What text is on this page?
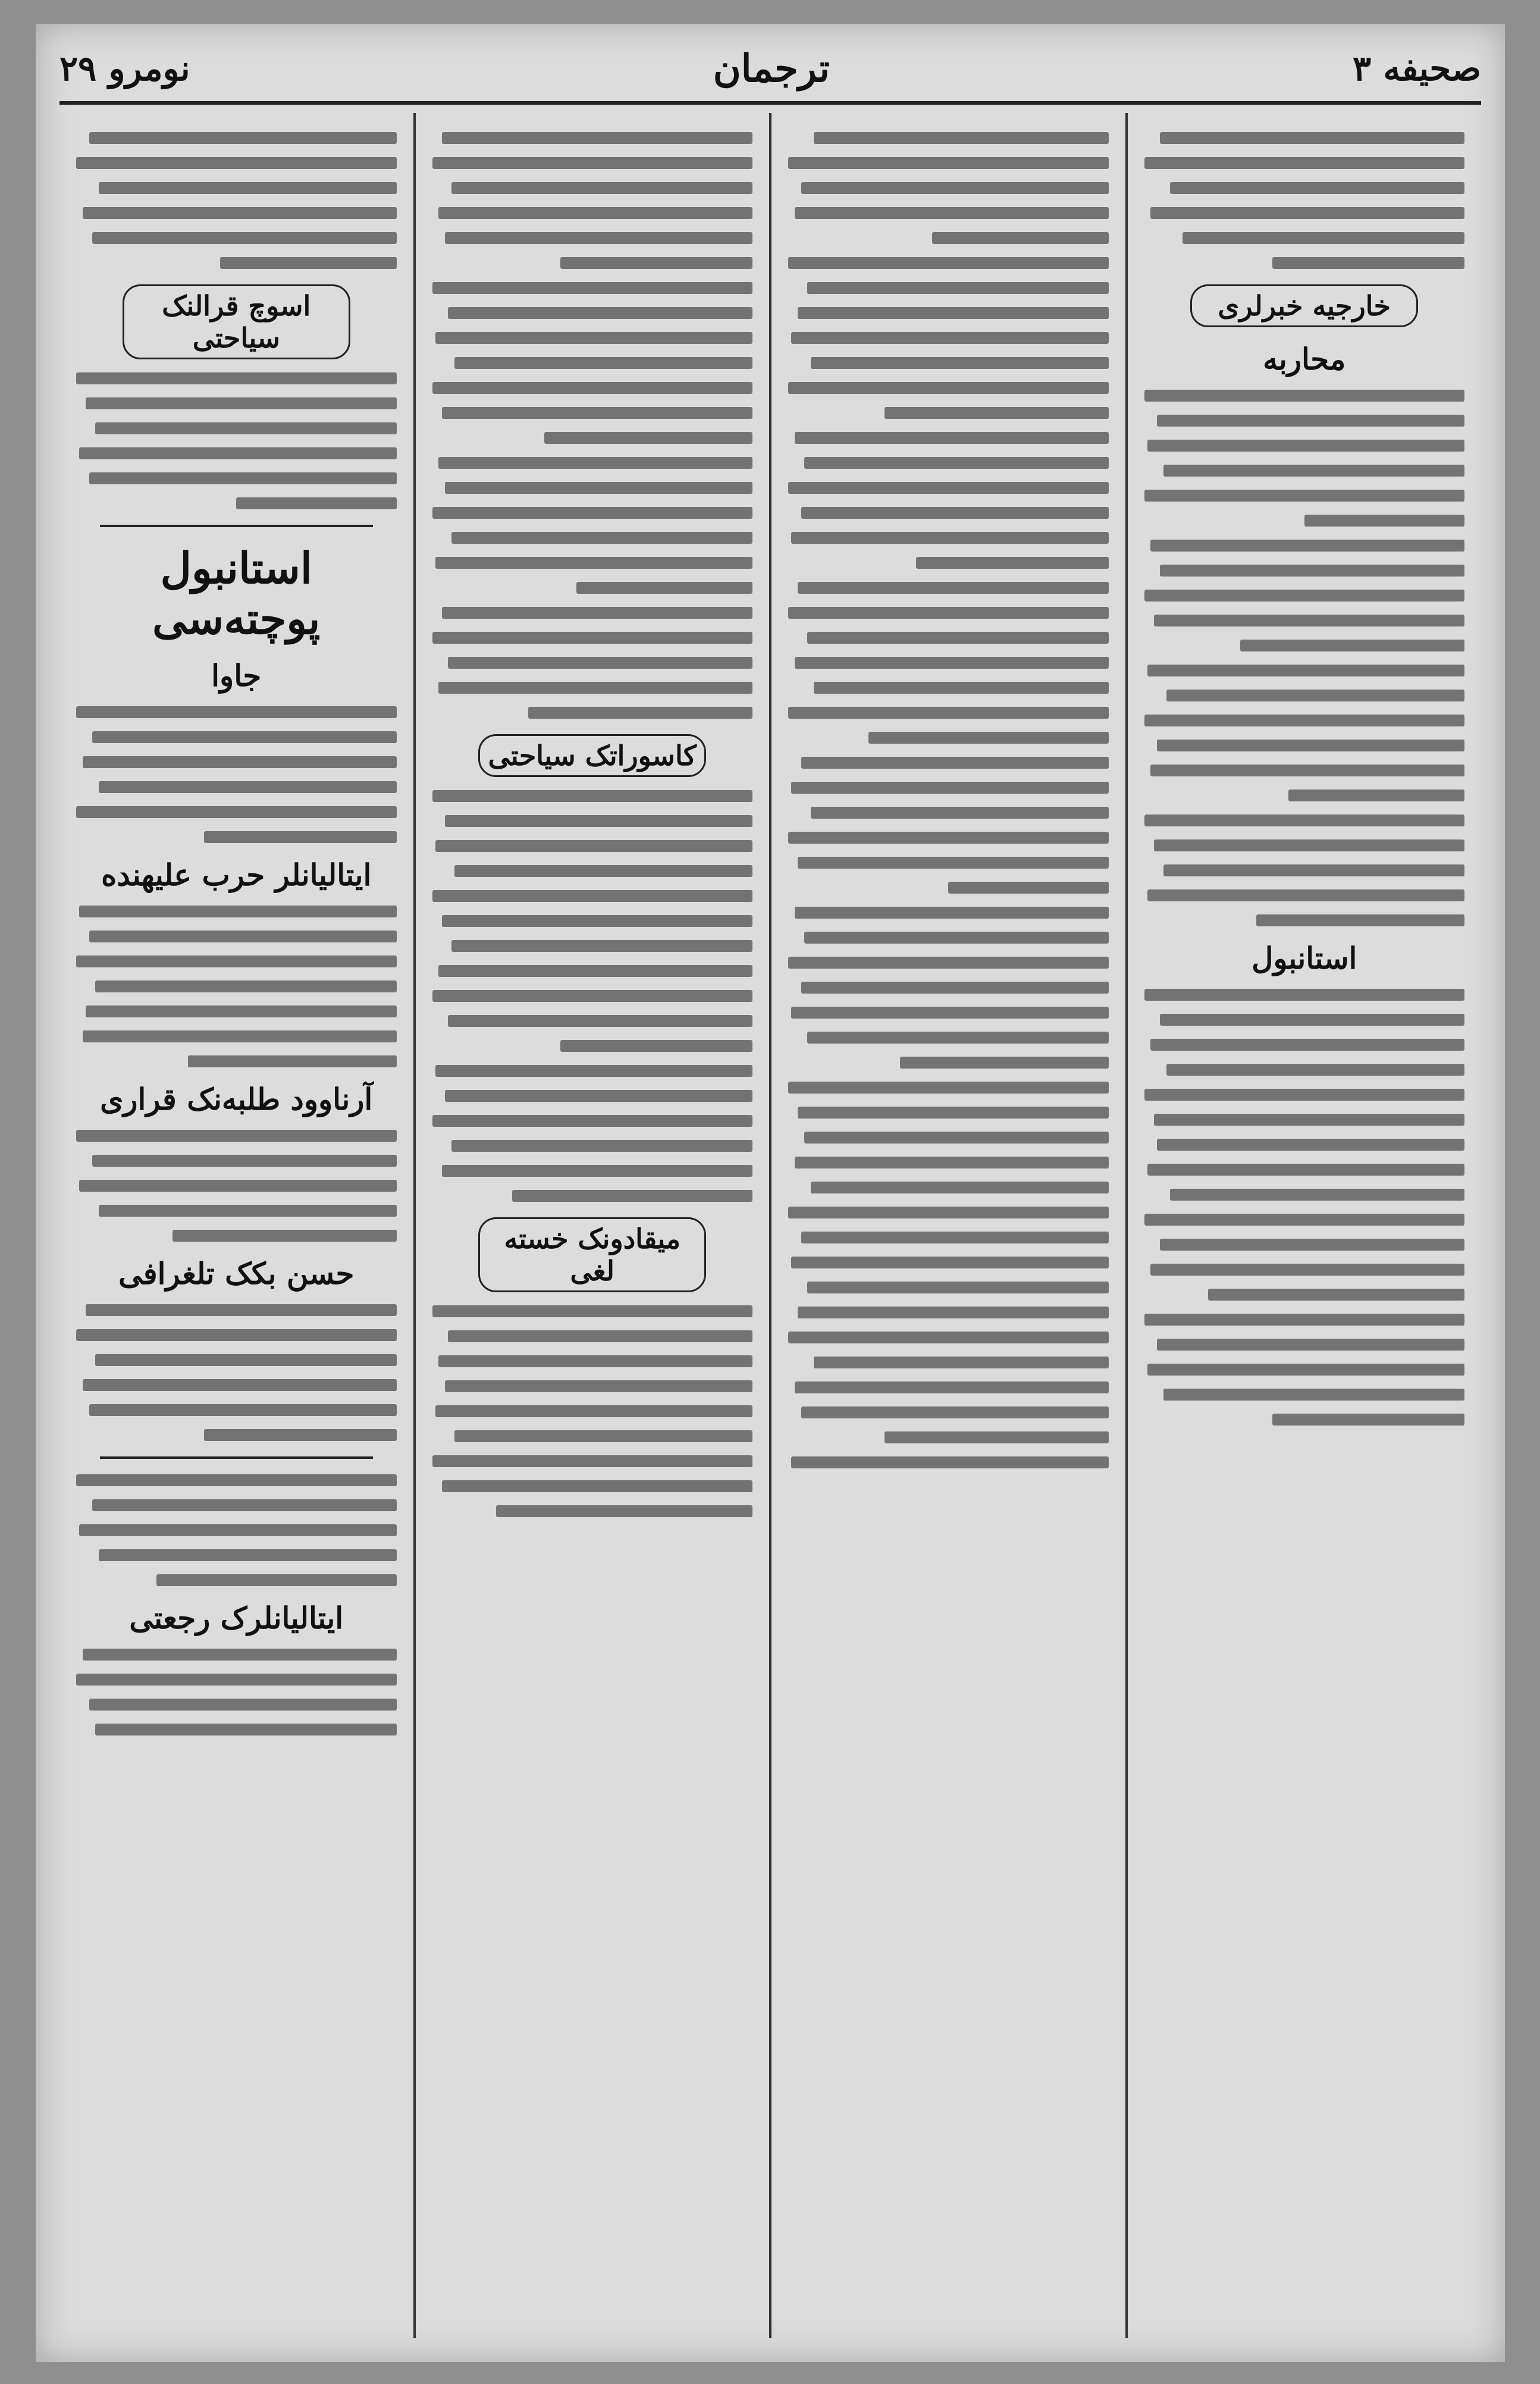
صحیفه ٣
ترجمان
نومرو ٢٩
خارجیه خبرلری
محاربه
استانبول
کاسوراتک سیاحتی
میقادونک خسته لغی
اسوچ قرالنک سیاحتی
استانبول پوچته‌سی
جاوا
ایتالیانلر حرب علیهنده
آرناوود طلبه‌نک قراری
حسن بکک تلغرافی
ایتالیانلرک رجعتی
